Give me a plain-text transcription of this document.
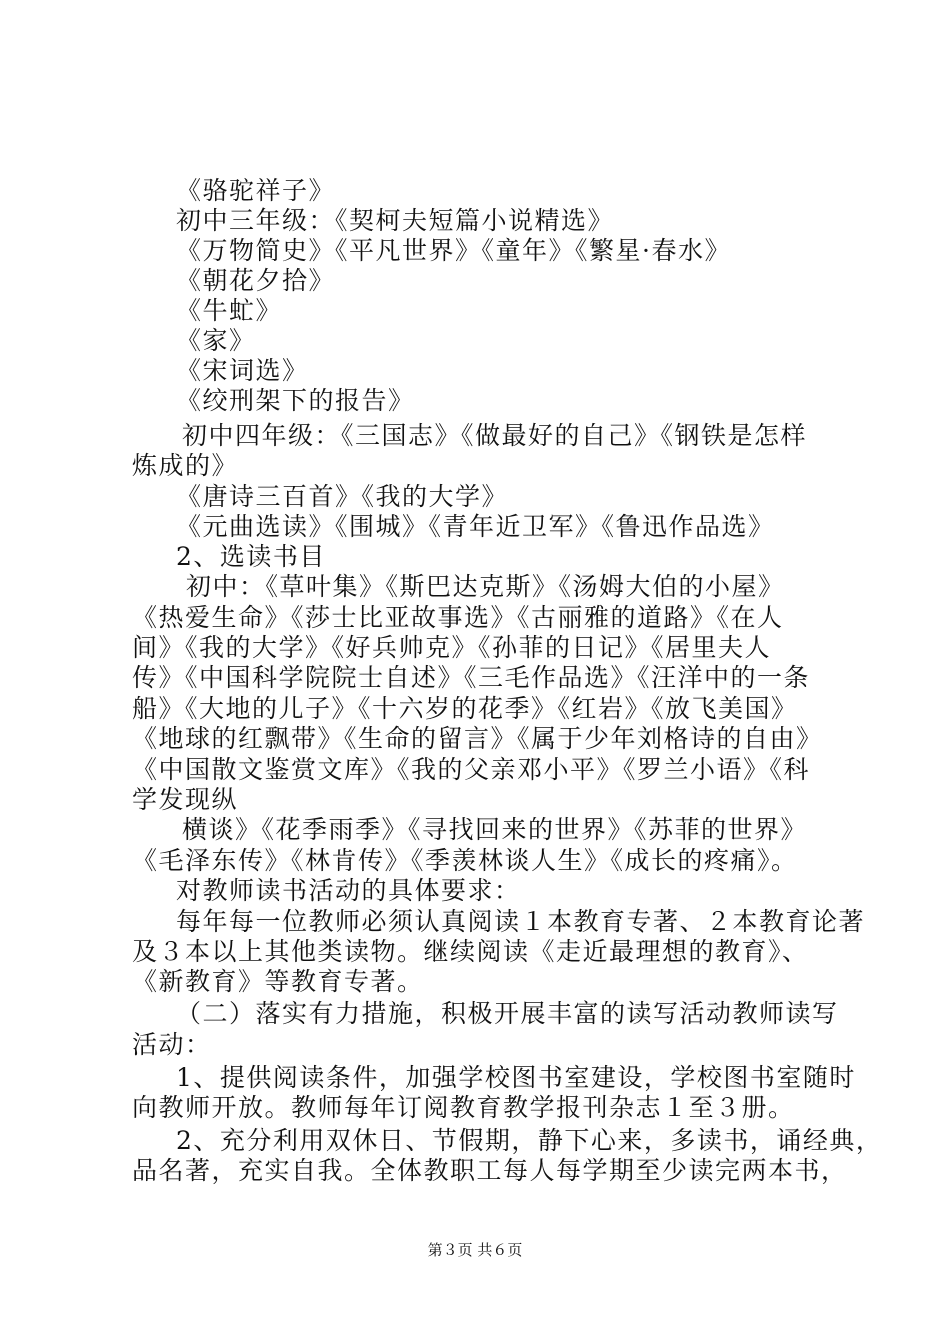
《骆驼祥子》
初中三年级：《契柯夫短篇小说精选》
《万物简史》《平凡世界》《童年》《繁星·春水》
《朝花夕拾》
《牛虻》
《家》
《宋词选》
《绞刑架下的报告》
初中四年级：《三国志》《做最好的自己》《钢铁是怎样
炼成的》
《唐诗三百首》《我的大学》
《元曲选读》《围城》《青年近卫军》《鲁迅作品选》
2、选读书目
初中：《草叶集》《斯巴达克斯》《汤姆大伯的小屋》
《热爱生命》《莎士比亚故事选》《古丽雅的道路》《在人
间》《我的大学》《好兵帅克》《孙菲的日记》《居里夫人
传》《中国科学院院士自述》《三毛作品选》《汪洋中的一条
船》《大地的儿子》《十六岁的花季》《红岩》《放飞美国》
《地球的红飘带》《生命的留言》《属于少年刘格诗的自由》
《中国散文鉴赏文库》《我的父亲邓小平》《罗兰小语》《科
学发现纵
横谈》《花季雨季》《寻找回来的世界》《苏菲的世界》
《毛泽东传》《林肯传》《季羡林谈人生》《成长的疼痛》。
对教师读书活动的具体要求：
每年每一位教师必须认真阅读１本教育专著、２本教育论著
及３本以上其他类读物。继续阅读《走近最理想的教育》、
《新教育》等教育专著。
（二）落实有力措施，积极开展丰富的读写活动教师读写
活动：
1、提供阅读条件，加强学校图书室建设，学校图书室随时
向教师开放。教师每年订阅教育教学报刊杂志１至３册。
2、充分利用双休日、节假期，静下心来，多读书，诵经典，
品名著，充实自我。全体教职工每人每学期至少读完两本书，
第３页 共６页
